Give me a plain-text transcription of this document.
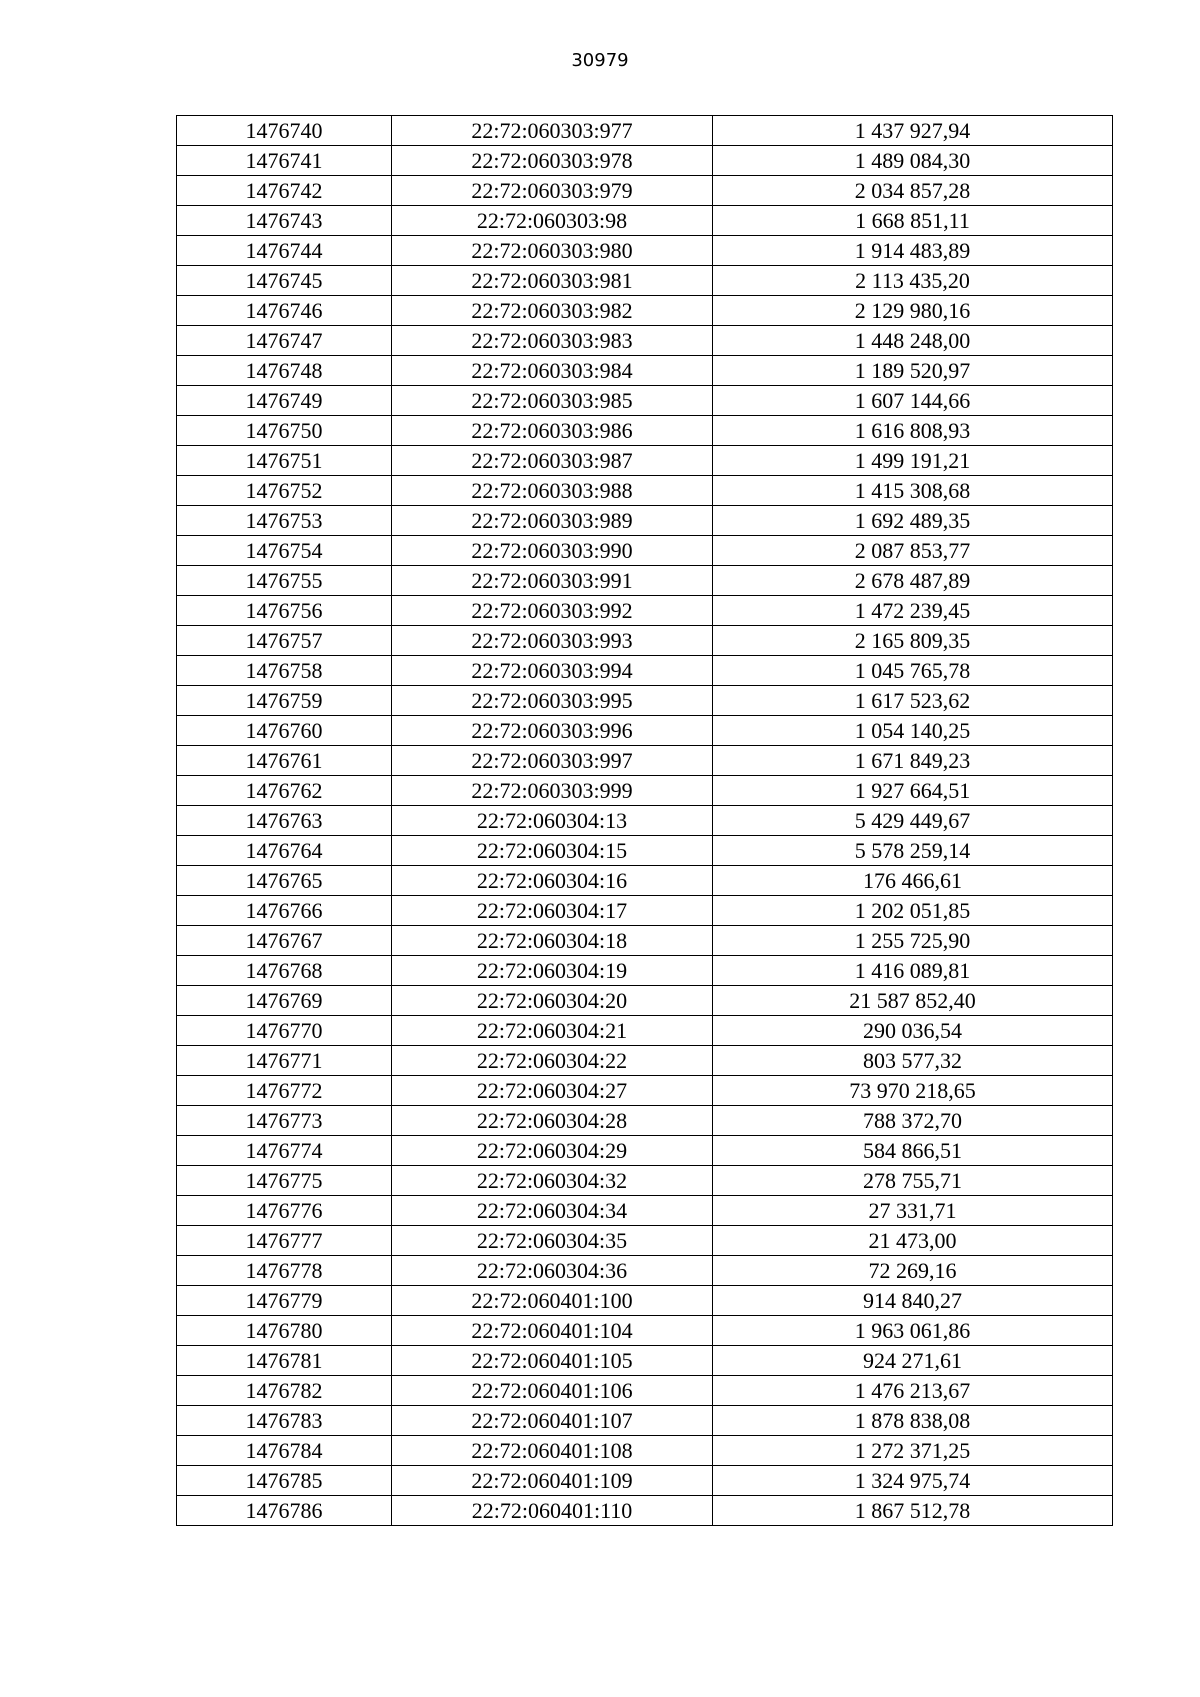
30979
1476740	22:72:060303:977	1 437 927,94
1476741	22:72:060303:978	1 489 084,30
1476742	22:72:060303:979	2 034 857,28
1476743	22:72:060303:98	1 668 851,11
1476744	22:72:060303:980	1 914 483,89
1476745	22:72:060303:981	2 113 435,20
1476746	22:72:060303:982	2 129 980,16
1476747	22:72:060303:983	1 448 248,00
1476748	22:72:060303:984	1 189 520,97
1476749	22:72:060303:985	1 607 144,66
1476750	22:72:060303:986	1 616 808,93
1476751	22:72:060303:987	1 499 191,21
1476752	22:72:060303:988	1 415 308,68
1476753	22:72:060303:989	1 692 489,35
1476754	22:72:060303:990	2 087 853,77
1476755	22:72:060303:991	2 678 487,89
1476756	22:72:060303:992	1 472 239,45
1476757	22:72:060303:993	2 165 809,35
1476758	22:72:060303:994	1 045 765,78
1476759	22:72:060303:995	1 617 523,62
1476760	22:72:060303:996	1 054 140,25
1476761	22:72:060303:997	1 671 849,23
1476762	22:72:060303:999	1 927 664,51
1476763	22:72:060304:13	5 429 449,67
1476764	22:72:060304:15	5 578 259,14
1476765	22:72:060304:16	176 466,61
1476766	22:72:060304:17	1 202 051,85
1476767	22:72:060304:18	1 255 725,90
1476768	22:72:060304:19	1 416 089,81
1476769	22:72:060304:20	21 587 852,40
1476770	22:72:060304:21	290 036,54
1476771	22:72:060304:22	803 577,32
1476772	22:72:060304:27	73 970 218,65
1476773	22:72:060304:28	788 372,70
1476774	22:72:060304:29	584 866,51
1476775	22:72:060304:32	278 755,71
1476776	22:72:060304:34	27 331,71
1476777	22:72:060304:35	21 473,00
1476778	22:72:060304:36	72 269,16
1476779	22:72:060401:100	914 840,27
1476780	22:72:060401:104	1 963 061,86
1476781	22:72:060401:105	924 271,61
1476782	22:72:060401:106	1 476 213,67
1476783	22:72:060401:107	1 878 838,08
1476784	22:72:060401:108	1 272 371,25
1476785	22:72:060401:109	1 324 975,74
1476786	22:72:060401:110	1 867 512,78
